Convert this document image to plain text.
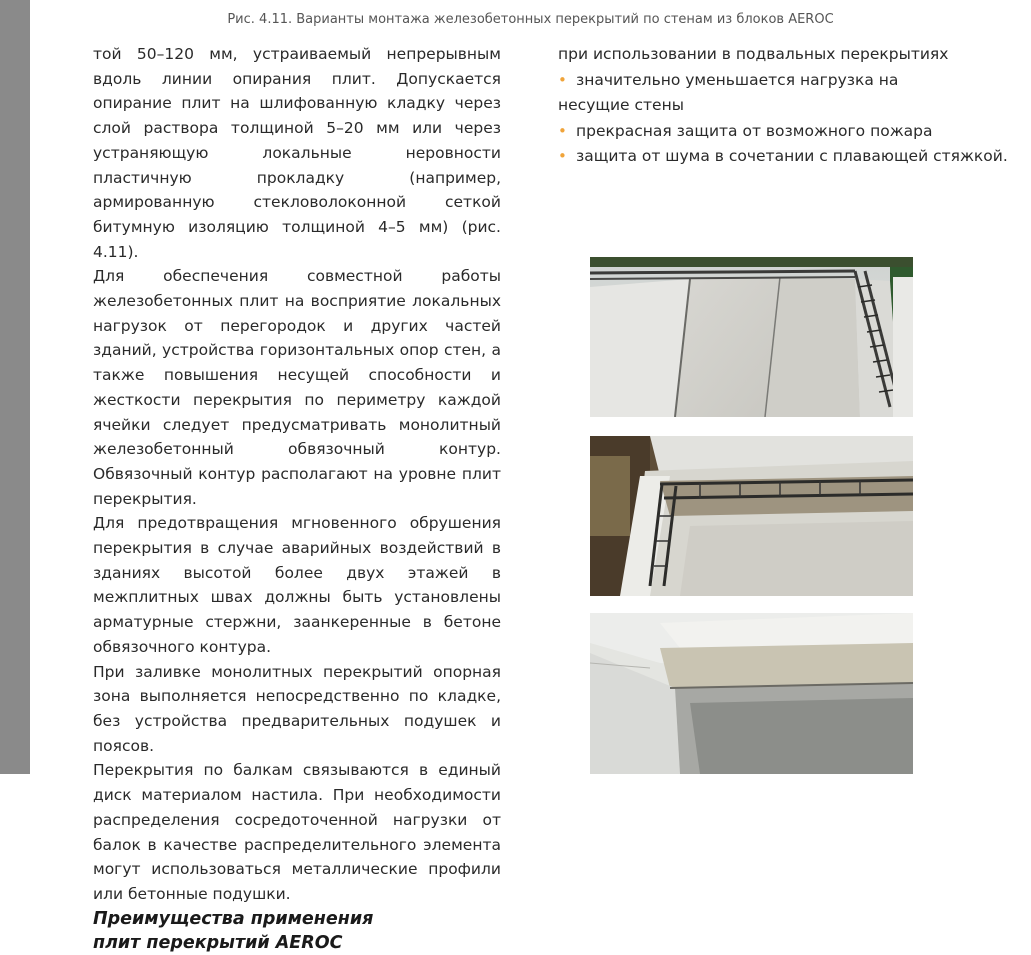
Рис. 4.11. Варианты монтажа железобетонных перекрытий по стенам из блоков AEROC

той 50–120 мм, устраиваемый непрерывным вдоль линии опирания плит. Допускается опирание плит на шлифованную кладку через слой раствора толщиной 5–20 мм или через устраняющую локальные неровности пластичную прокладку (например, армированную стекловолоконной сеткой битумную изоляцию толщиной 4–5 мм) (рис. 4.11).

Для обеспечения совместной работы железобетонных плит на восприятие локальных нагрузок от перегородок и других частей зданий, устройства горизонтальных опор стен, а также повышения несущей способности и жесткости перекрытия по периметру каждой ячейки следует предусматривать монолитный железобетонный обвязочный контур. Обвязочный контур располагают на уровне плит перекрытия.

Для предотвращения мгновенного обрушения перекрытия в случае аварийных воздействий в зданиях высотой более двух этажей в межплитных швах должны быть установлены арматурные стержни, заанкеренные в бетоне обвязочного контура.

При заливке монолитных перекрытий опорная зона выполняется непосредственно по кладке, без устройства предварительных подушек и поясов.

Перекрытия по балкам связываются в единый диск материалом настила. При необходимости распределения сосредоточенной нагрузки от балок в качестве распределительного элемента могут использоваться металлические профили или бетонные подушки.

Преимущества применения

плит перекрытий AEROC

при использовании в подвальных перекрытиях

• значительно уменьшается нагрузка на

несущие стены

• прекрасная защита от возможного пожара

• защита от шума в сочетании с плавающей стяжкой.
